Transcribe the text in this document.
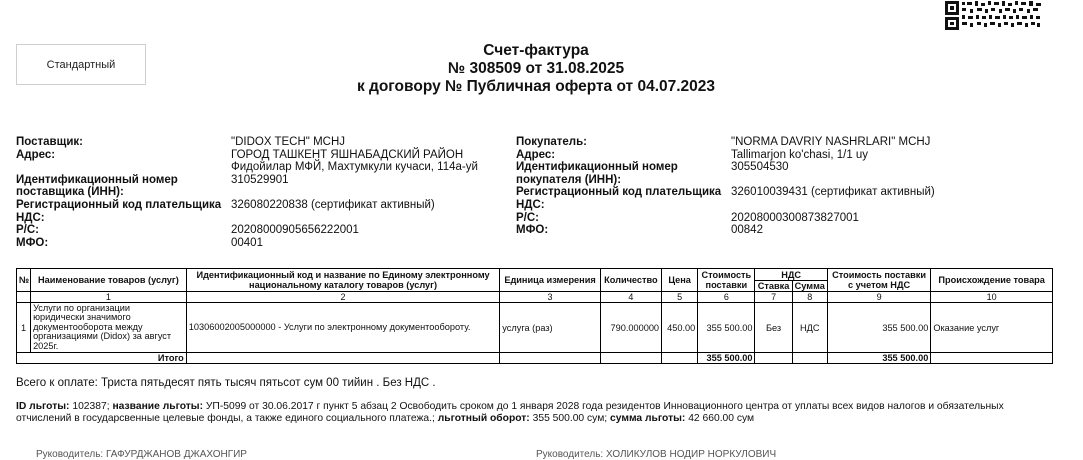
Стандартный
Счет-фактура
№ 308509 от 31.08.2025
к договору № Публичная оферта от 04.07.2023
Поставщик:	"DIDOX TECH" MCHJ
Адрес:	ГОРОД ТАШКЕНТ ЯШНАБАДСКИЙ РАЙОН
Фидойилар МФЙ, Махтумкули кучаси, 114а-уй
Идентификационный номер	310529901
поставщика (ИНН):
Регистрационный код плательщика 326080220838 (сертификат активный)
НДС:
Р/С:	20208000905656222001
МФО:	00401
Покупатель:	"NORMA DAVRIY NASHRLARI" MCHJ
Адрес:	Tallimarjon ko'chasi, 1/1 uy
Идентификационный номер	305504530
покупателя (ИНН):
Регистрационный код плательщика 326010039431 (сертификат активный)
НДС:
Р/С:	20208000300873827001
МФО:	00842
№	Наименование товаров (услуг)	Идентификационный код и название по Единому электронному национальному каталогу товаров (услуг)	Единица измерения	Количество	Цена	Стоимость поставки	НДС		Стоимость поставки с учетом НДС	Происхождение товара
							Ставка	Сумма		
	1	2	3	4	5	6	7	8	9	10
1	Услуги по организации юридически значимого документооборота между организациями (Didox) за август 2025г.	10306002005000000 - Услуги по электронному документообороту.	услуга (раз)	790.000000	450.00	355 500.00	Без	НДС	355 500.00	Оказание услуг
Итого						355 500.00			355 500.00	
Всего к оплате: Триста пятьдесят пять тысяч пятьсот сум 00 тийин . Без НДС .
ID льготы: 102387; название льготы: УП-5099 от 30.06.2017 г пункт 5 абзац 2 Освободить сроком до 1 января 2028 года резидентов Инновационного центра от уплаты всех видов налогов и обязательных отчислений в государсвенные целевые фонды, а также единого социального платежа.; льготный оборот: 355 500.00 сум; сумма льготы: 42 660.00 сум
Руководитель: ГАФУРДЖАНОВ ДЖАХОНГИР	Руководитель: ХОЛИКУЛОВ НОДИР НОРКУЛОВИЧ
